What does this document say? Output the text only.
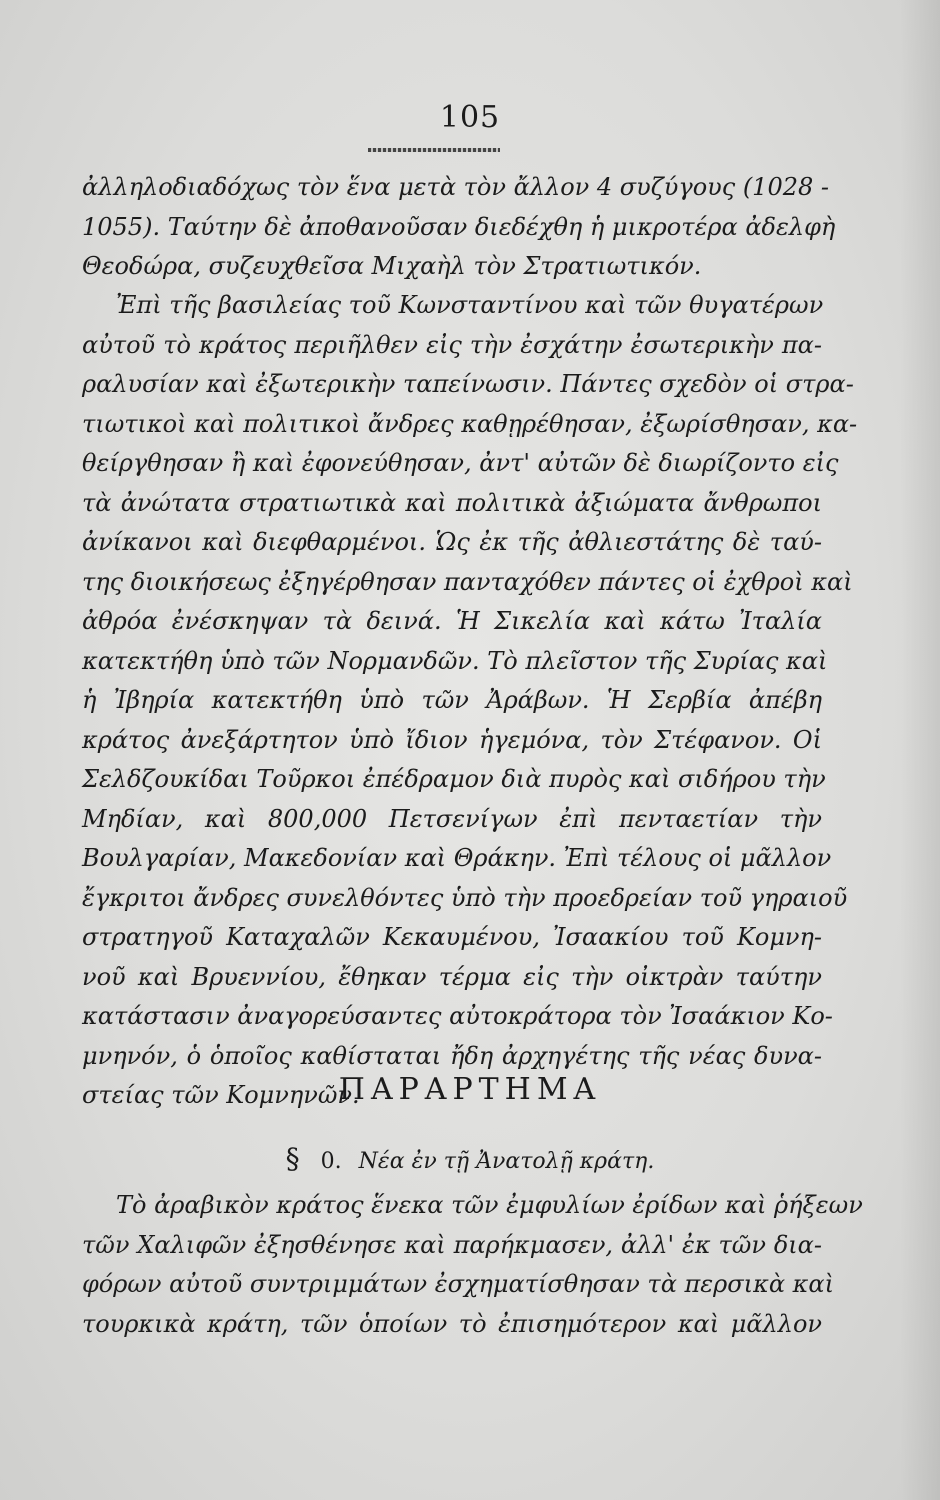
105
ἀλληλοδιαδόχως τὸν ἕνα μετὰ τὸν ἄλλον 4 συζύγους (1028 -
1055). Ταύτην δὲ ἀποθανοῦσαν διεδέχθη ἡ μικροτέρα ἀδελφὴ
Θεοδώρα, συζευχθεῖσα Μιχαὴλ τὸν Στρατιωτικόν.
Ἐπὶ τῆς βασιλείας τοῦ Κωνσταντίνου καὶ τῶν θυγατέρων
αὐτοῦ τὸ κράτος περιῆλθεν εἰς τὴν ἐσχάτην ἐσωτερικὴν πα-
ραλυσίαν καὶ ἐξωτερικὴν ταπείνωσιν. Πάντες σχεδὸν οἱ στρα-
τιωτικοὶ καὶ πολιτικοὶ ἄνδρες καθῃρέθησαν, ἐξωρίσθησαν, κα-
θείργθησαν ἢ καὶ ἐφονεύθησαν, ἀντ' αὐτῶν δὲ διωρίζοντο εἰς
τὰ ἀνώτατα στρατιωτικὰ καὶ πολιτικὰ ἀξιώματα ἄνθρωποι
ἀνίκανοι καὶ διεφθαρμένοι. Ὡς ἐκ τῆς ἀθλιεστάτης δὲ ταύ-
της διοικήσεως ἐξηγέρθησαν πανταχόθεν πάντες οἱ ἐχθροὶ καὶ
ἀθρόα ἐνέσκηψαν τὰ δεινά. Ἡ Σικελία καὶ κάτω Ἰταλία
κατεκτήθη ὑπὸ τῶν Νορμανδῶν. Τὸ πλεῖστον τῆς Συρίας καὶ
ἡ Ἰβηρία κατεκτήθη ὑπὸ τῶν Ἀράβων. Ἡ Σερβία ἀπέβη
κράτος ἀνεξάρτητον ὑπὸ ἴδιον ἡγεμόνα, τὸν Στέφανον. Οἱ
Σελδζουκίδαι Τοῦρκοι ἐπέδραμον διὰ πυρὸς καὶ σιδήρου τὴν
Μηδίαν, καὶ 800,000 Πετσενίγων ἐπὶ πενταετίαν τὴν
Βουλγαρίαν, Μακεδονίαν καὶ Θράκην. Ἐπὶ τέλους οἱ μᾶλλον
ἔγκριτοι ἄνδρες συνελθόντες ὑπὸ τὴν προεδρείαν τοῦ γηραιοῦ
στρατηγοῦ Καταχαλῶν Κεκαυμένου, Ἰσαακίου τοῦ Κομνη-
νοῦ καὶ Βρυεννίου, ἔθηκαν τέρμα εἰς τὴν οἰκτρὰν ταύτην
κατάστασιν ἀναγορεύσαντες αὐτοκράτορα τὸν Ἰσαάκιον Κο-
μνηνόν, ὁ ὁποῖος καθίσταται ἤδη ἀρχηγέτης τῆς νέας δυνα-
στείας τῶν Κομνηνῶν.
ΠΑΡΑΡΤΗΜΑ
§ 0. Νέα ἐν τῇ Ἀνατολῇ κράτη.
Τὸ ἀραβικὸν κράτος ἕνεκα τῶν ἐμφυλίων ἐρίδων καὶ ῥήξεων
τῶν Χαλιφῶν ἐξησθένησε καὶ παρήκμασεν, ἀλλ' ἐκ τῶν δια-
φόρων αὐτοῦ συντριμμάτων ἐσχηματίσθησαν τὰ περσικὰ καὶ
τουρκικὰ κράτη, τῶν ὁποίων τὸ ἐπισημότερον καὶ μᾶλλον
